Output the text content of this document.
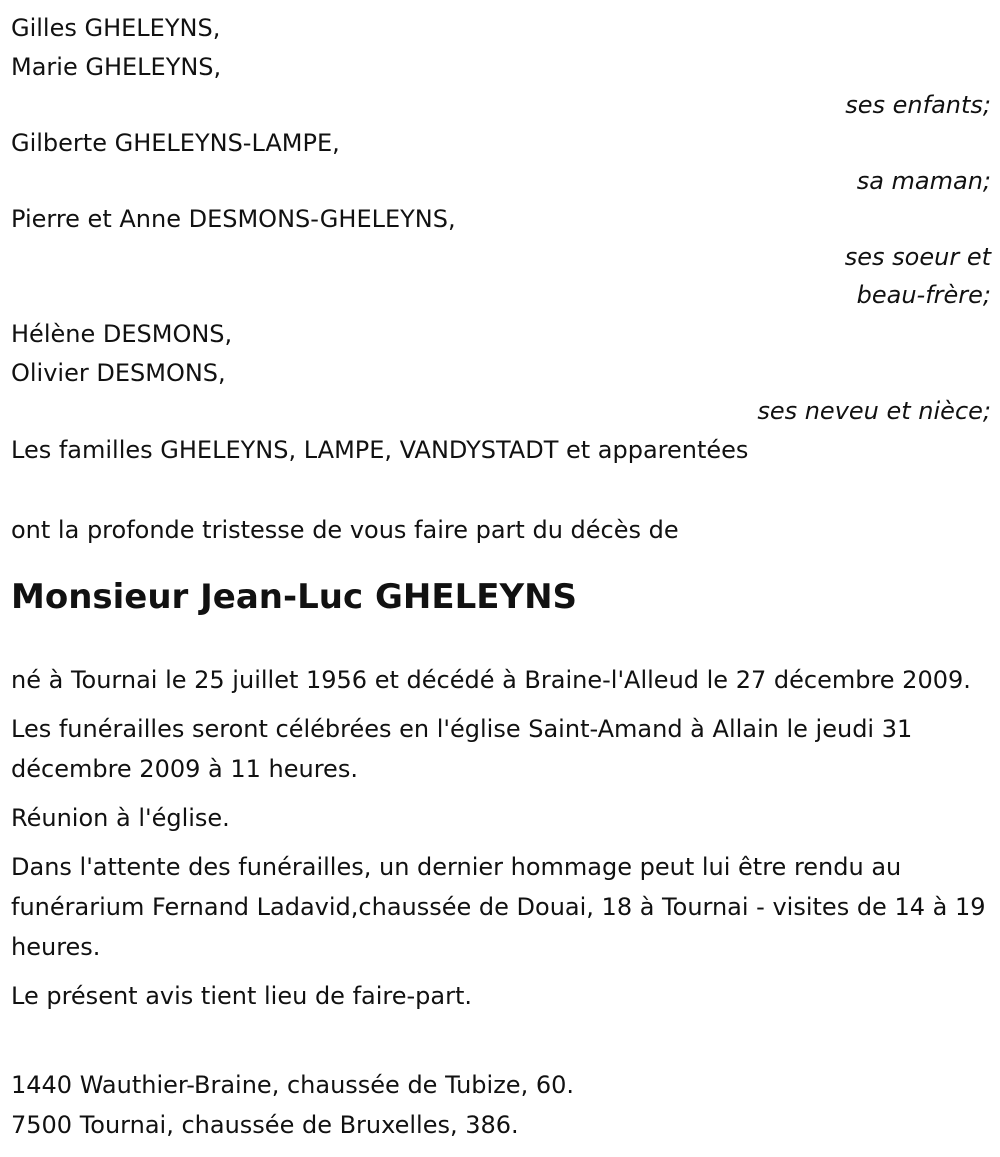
Gilles GHELEYNS,
Marie GHELEYNS,
ses enfants;
Gilberte GHELEYNS-LAMPE,
sa maman;
Pierre et Anne DESMONS-GHELEYNS,
ses soeur et
beau-frère;
Hélène DESMONS,
Olivier DESMONS,
ses neveu et nièce;
Les familles GHELEYNS, LAMPE, VANDYSTADT et apparentées
ont la profonde tristesse de vous faire part du décès de
Monsieur Jean-Luc GHELEYNS

né à Tournai le 25 juillet 1956 et décédé à Braine-l'Alleud le 27 décembre 2009.

Les funérailles seront célébrées en l'église Saint-Amand à Allain le jeudi 31 décembre 2009 à 11 heures.

Réunion à l'église.

Dans l'attente des funérailles, un dernier hommage peut lui être rendu au funérarium Fernand Ladavid,chaussée de Douai, 18 à Tournai - visites de 14 à 19 heures.

Le présent avis tient lieu de faire-part.

1440 Wauthier-Braine, chaussée de Tubize, 60.
7500 Tournai, chaussée de Bruxelles, 386.
